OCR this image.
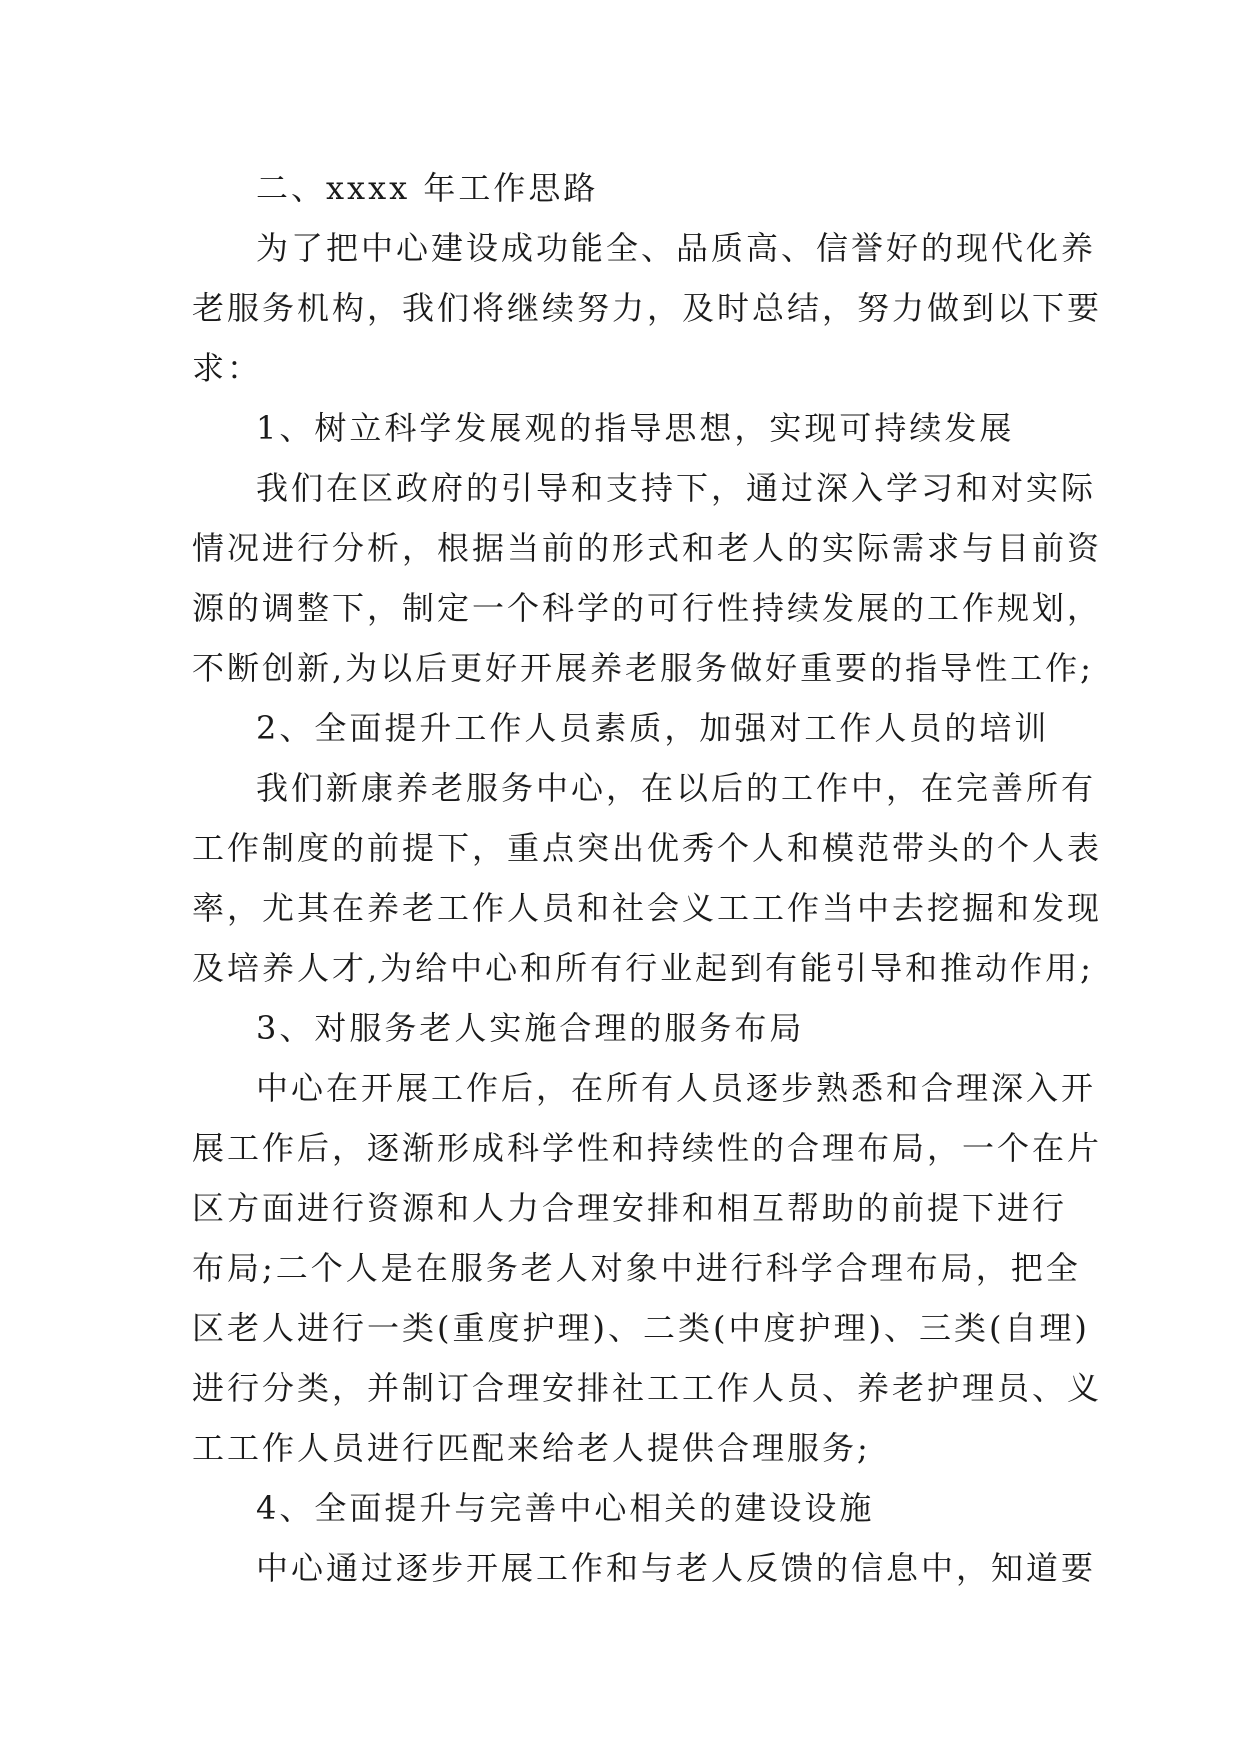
二、xxxx 年工作思路
为了把中心建设成功能全、品质高、信誉好的现代化养
老服务机构，我们将继续努力，及时总结，努力做到以下要
求：
1、树立科学发展观的指导思想，实现可持续发展
我们在区政府的引导和支持下，通过深入学习和对实际
情况进行分析，根据当前的形式和老人的实际需求与目前资
源的调整下，制定一个科学的可行性持续发展的工作规划，
不断创新,为以后更好开展养老服务做好重要的指导性工作;
2、全面提升工作人员素质，加强对工作人员的培训
我们新康养老服务中心，在以后的工作中，在完善所有
工作制度的前提下，重点突出优秀个人和模范带头的个人表
率，尤其在养老工作人员和社会义工工作当中去挖掘和发现
及培养人才,为给中心和所有行业起到有能引导和推动作用;
3、对服务老人实施合理的服务布局
中心在开展工作后，在所有人员逐步熟悉和合理深入开
展工作后，逐渐形成科学性和持续性的合理布局，一个在片
区方面进行资源和人力合理安排和相互帮助的前提下进行
布局;二个人是在服务老人对象中进行科学合理布局，把全
区老人进行一类(重度护理)、二类(中度护理)、三类(自理)
进行分类，并制订合理安排社工工作人员、养老护理员、义
工工作人员进行匹配来给老人提供合理服务;
4、全面提升与完善中心相关的建设设施
中心通过逐步开展工作和与老人反馈的信息中，知道要
